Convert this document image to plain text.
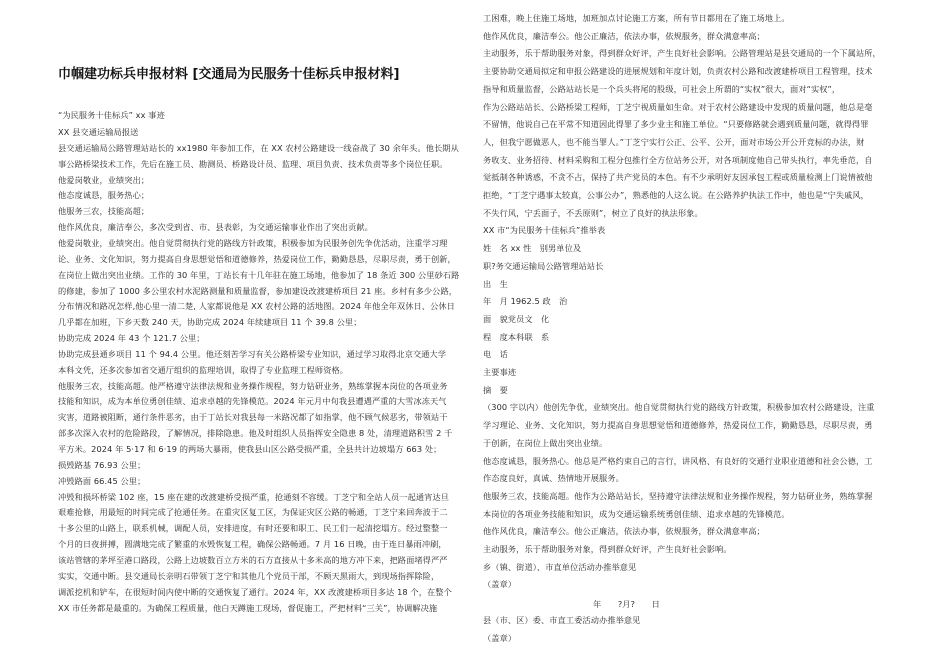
巾帼建功标兵申报材料 [交通局为民服务十佳标兵申报材料]
“为民服务十佳标兵” xx 事迹
XX 县交通运输局报送
县交通运输局公路管理站站长的 xx1980 年参加工作，在 XX 农村公路建设一线奋战了 30 余年头。他长期从
事公路桥梁技术工作，先后在施工员、勘测员、桥路设计员、监理、项目负责、技术负责等多个岗位任职。
他爱岗敬业，业绩突出；
他态度诚恳，服务热心；
他服务三农，技能高超；
他作风优良，廉洁奉公，多次受到省、市、县表彰，为交通运输事业作出了突出贡献。
他爱岗敬业，业绩突出。他自觉贯彻执行党的路线方针政策，积极参加为民服务创先争优活动，注重学习理
论、业务、文化知识，努力提高自身思想觉悟和道德修养，热爱岗位工作，勤勤恳恳，尽职尽责，勇于创新，
在岗位上做出突出业绩。工作的 30 年里，丁站长有十几年驻在施工场地，他参加了 18 条近 300 公里砂石路
的修建，参加了 1000 多公里农村水泥路测量和质量监督，参加建设改渡建桥项目 21 座。乡村有多少公路，
分布情况和路况怎样,他心里一清二楚, 人家都说他是 XX 农村公路的活地图。2024 年他全年双休日、公休日
几乎都在加班，下乡天数 240 天，协助完成 2024 年续建项目 11 个 39.8 公里；
协助完成 2024 年 43 个 121.7 公里；
协助完成县通乡项目 11 个 94.4 公里。他还刻苦学习有关公路桥梁专业知识，通过学习取得北京交通大学
本科文凭，还多次参加省交通厅组织的监理培训，取得了专业监理工程师资格。
他服务三农，技能高超。他严格遵守法律法规和业务操作规程，努力钻研业务，熟练掌握本岗位的各项业务
技能和知识，成为本单位勇创佳绩、追求卓越的先锋模范。2024 年元月中旬我县遭遇严重的大雪冰冻天气
灾害，道路被阻断，通行条件恶劣，由于丁站长对我县每一米路况都了如指掌，他不顾气候恶劣，带领站干
部多次深入农村的危险路段，了解情况，排除隐患。他及时组织人员指挥安全隐患 8 处，清理道路积雪 2 千
平方米。2024 年 5·17 和 6·19 的两场大暴雨，使我县山区公路受损严重，全县共计边坡塌方 663 处；
损毁路基 76.93 公里；
冲毁路面 66.45 公里；
冲毁和损坏桥梁 102 座，15 座在建的改渡建桥受损严重，抢通刻不容缓。丁芝宁和全站人员一起通宵达旦
艰难抢修，用最短的时间完成了抢通任务。在重灾区复工区，为保证灾区公路的畅通，丁芝宁来回奔波于二
十多公里的山路上，联系机械，调配人员，安排进度，有时还要和职工、民工们一起清挖塌方。经过整整一
个月的日夜拼搏，圆满地完成了繁重的水毁恢复工程，确保公路畅通。7 月 16 日晚，由于连日暴雨冲刷，
该站管辖的茅坪至港口路段，公路上边坡数百立方米的石方直接从十多米高的地方冲下来，把路面堵得严严
实实，交通中断。县交通局长亲明石带领丁芝宁和其他几个党员干部，不顾天黑雨大，到现场指挥除险，
调派挖机和铲车，在很短时间内使中断的交通恢复了通行。2024 年，XX 改渡建桥项目多达 18 个，在整个
XX 市任务都是最重的。为确保工程质量，他白天蹲施工现场，督促施工，严把材料“三关”，协调解决施
工困难，晚上住施工场地，加班加点讨论施工方案，所有节日都用在了施工场地上。
他作风优良，廉洁奉公。他公正廉洁，依法办事，依规服务，群众满意率高；
主动服务，乐于帮助服务对象，得到群众好评，产生良好社会影响。公路管理站是县交通局的一个下属站所，
主要协助交通局拟定和申报公路建设的进展规划和年度计划，负责农村公路和改渡建桥项目工程管理，技术
指导和质量监督，公路站站长是一个兵头将尾的股级，可社会上所谓的“实权”很大，面对“实权”，
作为公路站站长、公路桥梁工程师，丁芝宁视质量如生命。对于农村公路建设中发现的质量问题，他总是毫
不留情，他说自己在平常不知道因此得罪了多少业主和施工单位。“只要修路就会遇到质量问题，就得得罪
人，但我宁愿做恶人，也不能当罪人。”丁芝宁实行公正、公平、公开，面对市场公开公开竞标的办法，财
务收支、业务招待、材料采购和工程分包推行全方位站务公开，对各项制度他自己带头执行，率先垂范，自
觉抵制各种诱惑，不贪不占，保持了共产党员的本色。有不少承明好友因承包工程或质量检测上门说情被他
拒绝，“丁芝宁遇事太较真，公事公办”，熟悉他的人这么说。在公路养护执法工作中，他也是“宁失戚风，
不失行风，宁丢面子，不丢原则”，树立了良好的执法形象。
XX 市“为民服务十佳标兵”推举表
姓　名 xx 性　别男单位及
职?务交通运输局公路管理站站长
出　生
年　月 1962.5 政　治
面　貌党员文　化
程　度本科联　系
电　话
主要事迹
摘　要
（300 字以内）他创先争优，业绩突出。他自觉贯彻执行党的路线方针政策，积极参加农村公路建设，注重
学习理论、业务、文化知识，努力提高自身思想觉悟和道德修养，热爱岗位工作，勤勤恳恳，尽职尽责，勇
于创新，在岗位上做出突出业绩。
他态度诚恳，服务热心。他总是严格约束自己的言行，讲风格、有良好的交通行业职业道德和社会公德，工
作态度良好，真诚、热情地开展服务。
他服务三农，技能高超。他作为公路站站长，坚持遵守法律法规和业务操作规程，努力钻研业务，熟练掌握
本岗位的各项业务技能和知识，成为交通运输系统勇创佳绩、追求卓越的先锋模范。
他作风优良，廉洁奉公。他公正廉洁，依法办事，依规服务，群众满意率高；
主动服务，乐于帮助服务对象，得到群众好评，产生良好社会影响。
乡（镇、街道）、市直单位活动办推举意见
（盖章）
年　　?月?　　日
县（市、区）委、市直工委活动办推举意见
（盖章）
